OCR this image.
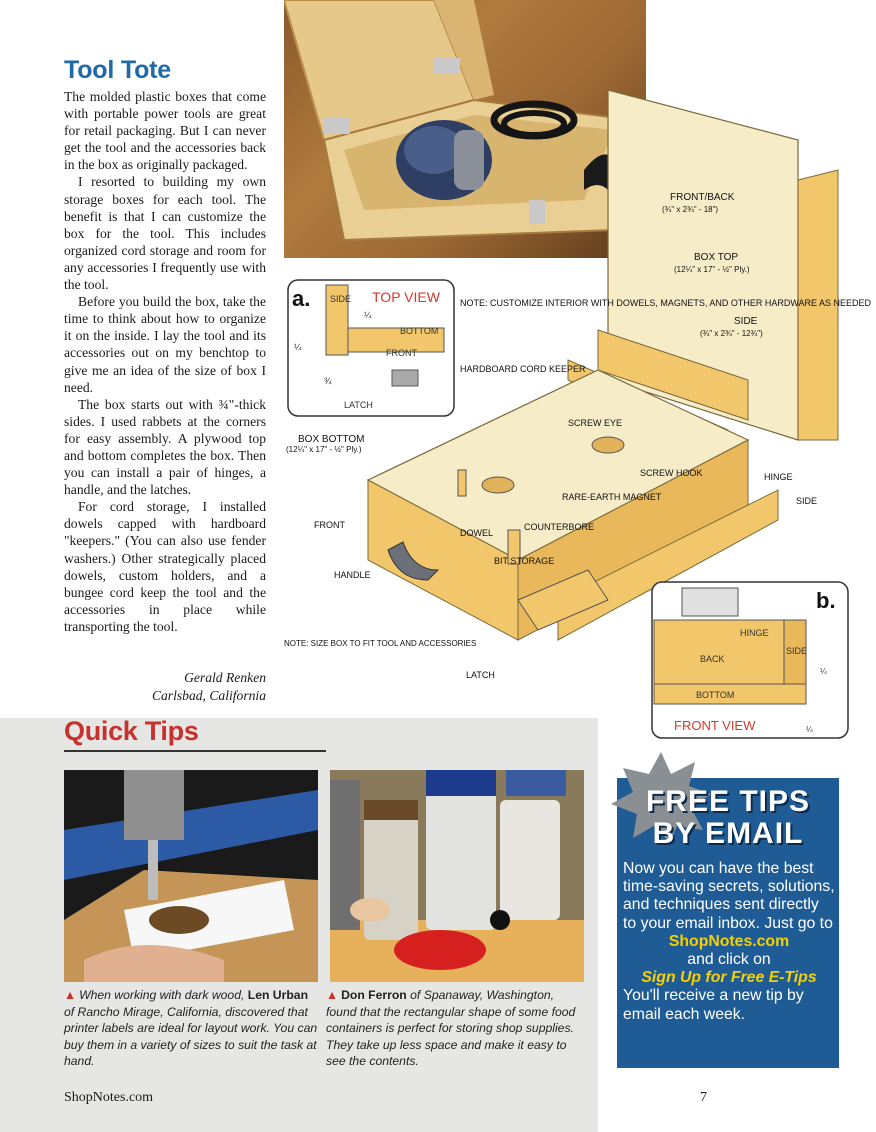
Tool Tote

The molded plastic boxes that come with portable power tools are great for retail packaging. But I can never get the tool and the accessories back in the box as originally packaged.

I resorted to building my own storage boxes for each tool. The benefit is that I can customize the box for the tool. This includes organized cord storage and room for any accessories I frequently use with the tool.

Before you build the box, take the time to think about how to organize it on the inside. I lay the tool and its accessories out on my benchtop to give me an idea of the size of box I need.

The box starts out with ¾"-thick sides. I used rabbets at the corners for easy assembly. A plywood top and bottom completes the box. Then you can install a pair of hinges, a handle, and the latches.

For cord storage, I installed dowels capped with hardboard "keepers." (You can also use fender washers.) Other strategically placed dowels, custom holders, and a bungee cord keep the tool and the accessories in place while transporting the tool.

Gerald Renken
Carlsbad, California
a. SIDE TOP VIEW
BOTTOM
FRONT
LATCH
¼
¼
¾
b.
HINGE
BACK
SIDE
BOTTOM
FRONT VIEW	¼
¼
NOTE: CUSTOMIZE INTERIOR WITH DOWELS, MAGNETS, AND OTHER HARDWARE AS NEEDED
HARDBOARD CORD KEEPER
FRONT/BACK
(¾" x 2¾" - 18")
BOX TOP
(12¼" x 17" - ½" Ply.)
SIDE
(¾" x 2¾" - 12¾")
BOX BOTTOM
(12¼" x 17" - ½" Ply.)
SCREW EYE
SCREW HOOK
RARE-EARTH MAGNET
DOWEL
COUNTERBORE
BIT STORAGE
FRONT
HANDLE
HINGE
SIDE
LATCH
NOTE: SIZE BOX TO FIT TOOL AND ACCESSORIES
Quick Tips
▲ When working with dark wood, Len Urban of Rancho Mirage, California, discovered that printer labels are ideal for layout work. You can buy them in a variety of sizes to suit the task at hand.
▲ Don Ferron of Spanaway, Washington, found that the rectangular shape of some food containers is perfect for storing shop supplies. They take up less space and make it easy to see the contents.
FREE TIPS
BY EMAIL
Now you can have the best time-saving secrets, solutions, and techniques sent directly to your email inbox. Just go to
ShopNotes.com
and click on
Sign Up for Free E-Tips
You'll receive a new tip by email each week.
ShopNotes.com	7
